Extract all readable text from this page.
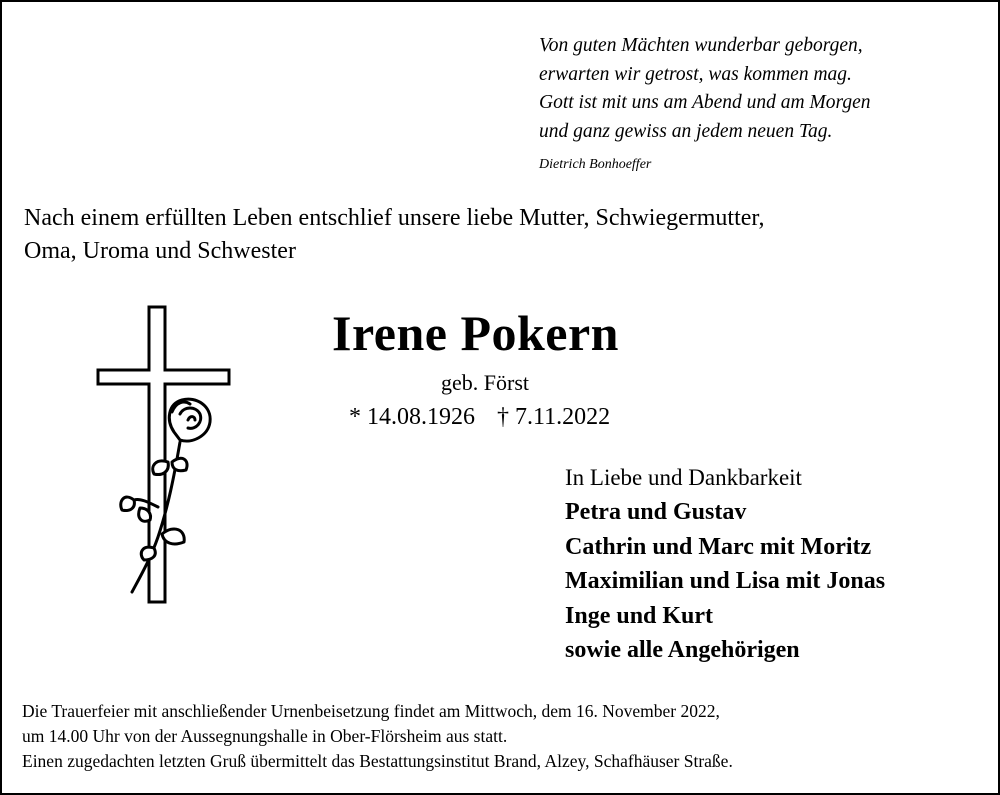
Von guten Mächten wunderbar geborgen,
erwarten wir getrost, was kommen mag.
Gott ist mit uns am Abend und am Morgen
und ganz gewiss an jedem neuen Tag.
Dietrich Bonhoeffer
Nach einem erfüllten Leben entschlief unsere liebe Mutter, Schwiegermutter,
Oma, Uroma und Schwester
Irene Pokern
geb. Först
* 14.08.1926 † 7.11.2022
In Liebe und Dankbarkeit
Petra und Gustav
Cathrin und Marc mit Moritz
Maximilian und Lisa mit Jonas
Inge und Kurt
sowie alle Angehörigen
Die Trauerfeier mit anschließender Urnenbeisetzung findet am Mittwoch, dem 16. November 2022,
um 14.00 Uhr von der Aussegnungshalle in Ober-Flörsheim aus statt.
Einen zugedachten letzten Gruß übermittelt das Bestattungsinstitut Brand, Alzey, Schafhäuser Straße.
